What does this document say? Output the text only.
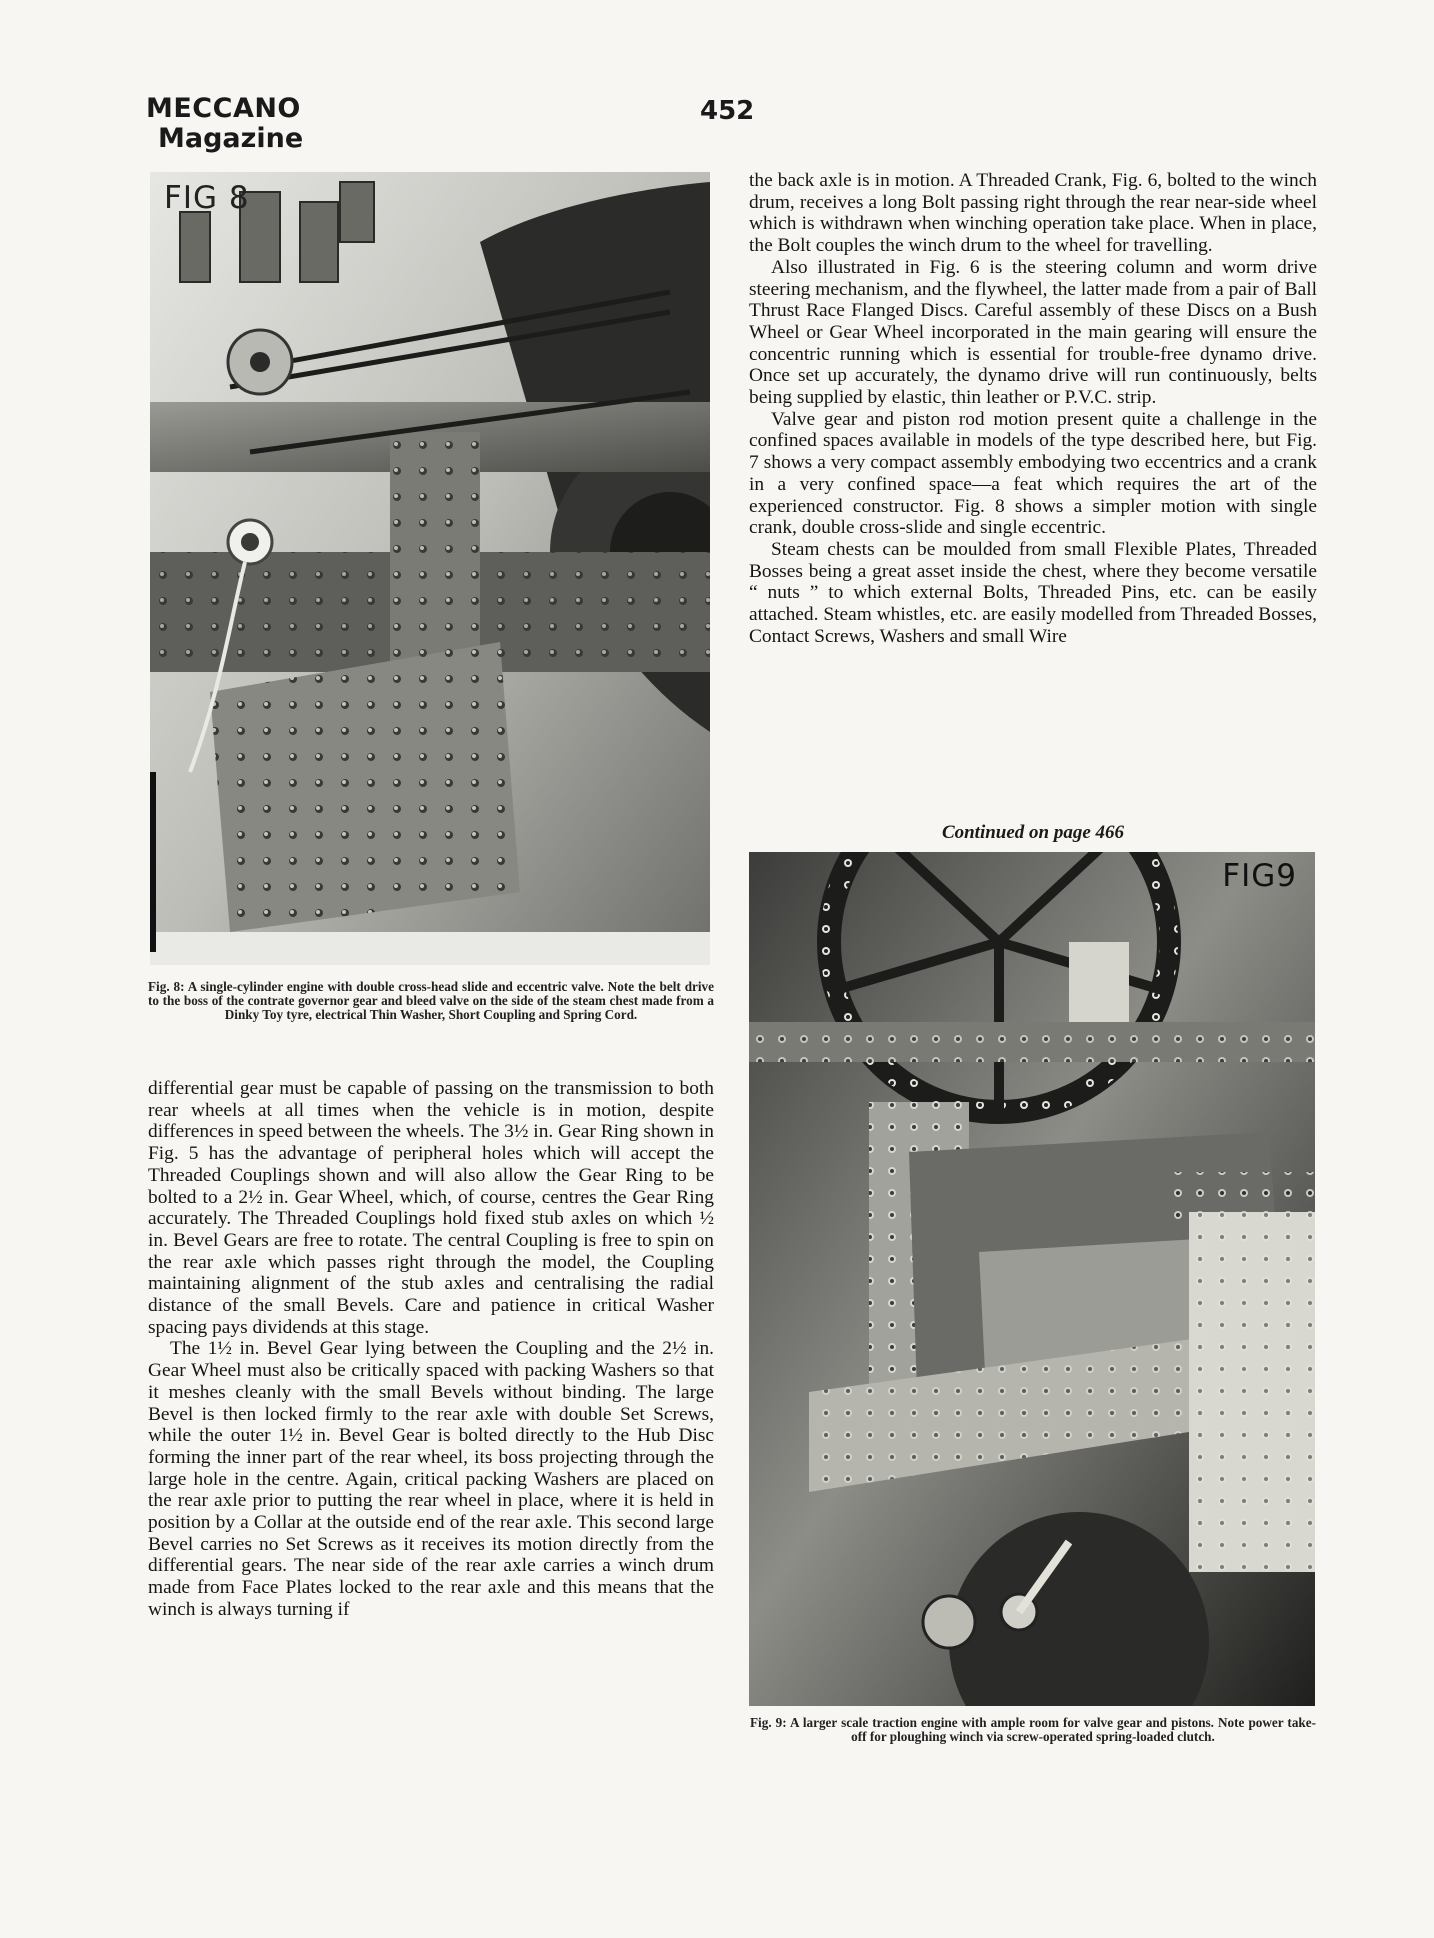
MECCANO
Magazine
452
FIG 8
Fig. 8: A single-cylinder engine with double cross-head slide and eccentric valve. Note the belt drive to the boss of the contrate governor gear and bleed valve on the side of the steam chest made from a Dinky Toy tyre, electrical Thin Washer, Short Coupling and Spring Cord.

differential gear must be capable of passing on the transmission to both rear wheels at all times when the vehicle is in motion, despite differences in speed between the wheels. The 3½ in. Gear Ring shown in Fig. 5 has the advantage of peripheral holes which will accept the Threaded Couplings shown and will also allow the Gear Ring to be bolted to a 2½ in. Gear Wheel, which, of course, centres the Gear Ring accurately. The Threaded Couplings hold fixed stub axles on which ½ in. Bevel Gears are free to rotate. The central Coupling is free to spin on the rear axle which passes right through the model, the Coupling maintaining alignment of the stub axles and centralising the radial distance of the small Bevels. Care and patience in critical Washer spacing pays dividends at this stage.

The 1½ in. Bevel Gear lying between the Coupling and the 2½ in. Gear Wheel must also be critically spaced with packing Washers so that it meshes cleanly with the small Bevels without binding. The large Bevel is then locked firmly to the rear axle with double Set Screws, while the outer 1½ in. Bevel Gear is bolted directly to the Hub Disc forming the inner part of the rear wheel, its boss projecting through the large hole in the centre. Again, critical packing Washers are placed on the rear axle prior to putting the rear wheel in place, where it is held in position by a Collar at the outside end of the rear axle. This second large Bevel carries no Set Screws as it receives its motion directly from the differential gears. The near side of the rear axle carries a winch drum made from Face Plates locked to the rear axle and this means that the winch is always turning if

the back axle is in motion. A Threaded Crank, Fig. 6, bolted to the winch drum, receives a long Bolt passing right through the rear near-side wheel which is withdrawn when winching operation take place. When in place, the Bolt couples the winch drum to the wheel for travelling.

Also illustrated in Fig. 6 is the steering column and worm drive steering mechanism, and the flywheel, the latter made from a pair of Ball Thrust Race Flanged Discs. Careful assembly of these Discs on a Bush Wheel or Gear Wheel incorporated in the main gearing will ensure the concentric running which is essential for trouble-free dynamo drive. Once set up accurately, the dynamo drive will run continuously, belts being supplied by elastic, thin leather or P.V.C. strip.

Valve gear and piston rod motion present quite a challenge in the confined spaces available in models of the type described here, but Fig. 7 shows a very compact assembly embodying two eccentrics and a crank in a very confined space—a feat which requires the art of the experienced constructor. Fig. 8 shows a simpler motion with single crank, double cross-slide and single eccentric.

Steam chests can be moulded from small Flexible Plates, Threaded Bosses being a great asset inside the chest, where they become versatile “ nuts ” to which external Bolts, Threaded Pins, etc. can be easily attached. Steam whistles, etc. are easily modelled from Threaded Bosses, Contact Screws, Washers and small Wire

Continued on page 466
FIG9
Fig. 9: A larger scale traction engine with ample room for valve gear and pistons. Note power take-off for ploughing winch via screw-operated spring-loaded clutch.
